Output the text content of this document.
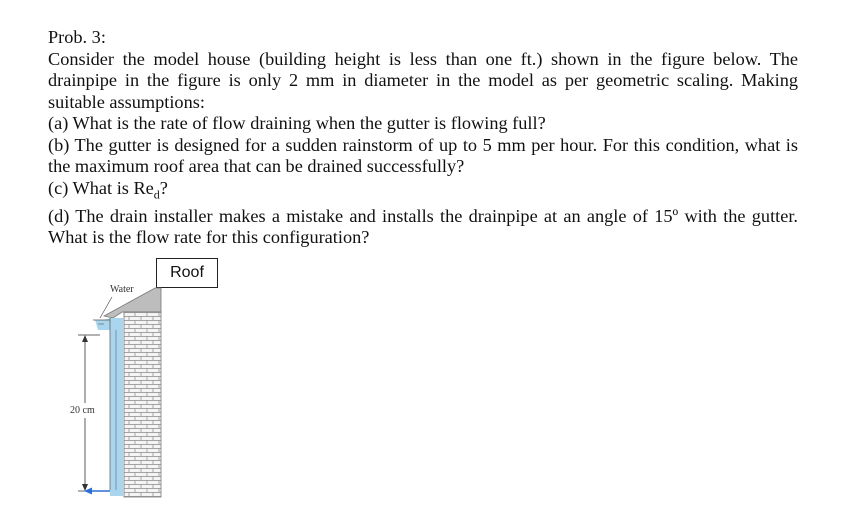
Prob. 3:

Consider the model house (building height is less than one ft.) shown in the figure below. The drainpipe in the figure is only 2 mm in diameter in the model as per geometric scaling. Making suitable assumptions:

(a) What is the rate of flow draining when the gutter is flowing full?

(b) The gutter is designed for a sudden rainstorm of up to 5 mm per hour. For this condition, what is the maximum roof area that can be drained successfully?

(c) What is $Re_d$?

(d) The drain installer makes a mistake and installs the drainpipe at an angle of 15º with the gutter. What is the flow rate for this configuration?

Roof
Water
20 cm
